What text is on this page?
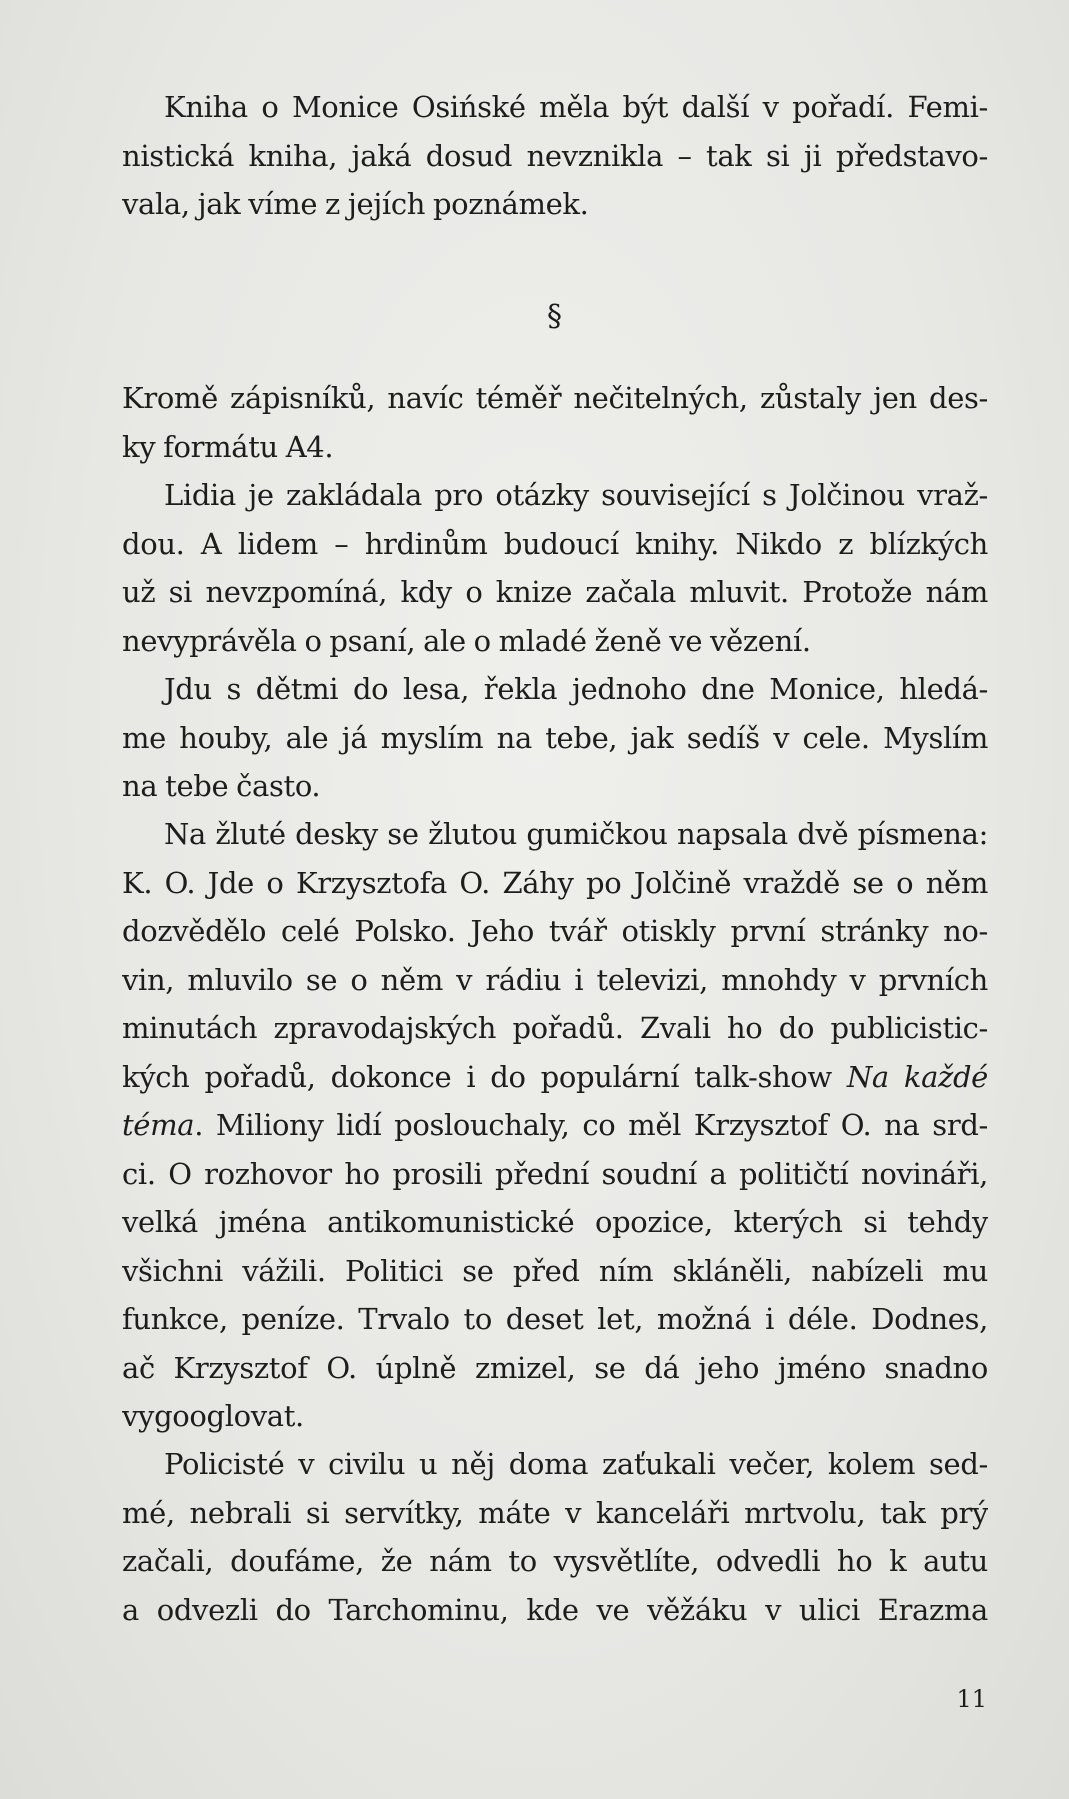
Kniha o Monice Osińské měla být další v pořadí. Femi-
nistická kniha, jaká dosud nevznikla – tak si ji představo-
vala, jak víme z jejích poznámek.
§
Kromě zápisníků, navíc téměř nečitelných, zůstaly jen des-
ky formátu A4.
Lidia je zakládala pro otázky související s Jolčinou vraž-
dou. A lidem – hrdinům budoucí knihy. Nikdo z blízkých
už si nevzpomíná, kdy o knize začala mluvit. Protože nám
nevyprávěla o psaní, ale o mladé ženě ve vězení.
Jdu s dětmi do lesa, řekla jednoho dne Monice, hledá-
me houby, ale já myslím na tebe, jak sedíš v cele. Myslím
na tebe často.
Na žluté desky se žlutou gumičkou napsala dvě písmena:
K. O. Jde o Krzysztofa O. Záhy po Jolčině vraždě se o něm
dozvědělo celé Polsko. Jeho tvář otiskly první stránky no-
vin, mluvilo se o něm v rádiu i televizi, mnohdy v prvních
minutách zpravodajských pořadů. Zvali ho do publicistic-
kých pořadů, dokonce i do populární talk-show Na každé
téma. Miliony lidí poslouchaly, co měl Krzysztof O. na srd-
ci. O rozhovor ho prosili přední soudní a političtí novináři,
velká jména antikomunistické opozice, kterých si tehdy
všichni vážili. Politici se před ním skláněli, nabízeli mu
funkce, peníze. Trvalo to deset let, možná i déle. Dodnes,
ač Krzysztof O. úplně zmizel, se dá jeho jméno snadno
vygooglovat.
Policisté v civilu u něj doma zaťukali večer, kolem sed-
mé, nebrali si servítky, máte v kanceláři mrtvolu, tak prý
začali, doufáme, že nám to vysvětlíte, odvedli ho k autu
a odvezli do Tarchominu, kde ve věžáku v ulici Erazma
11
